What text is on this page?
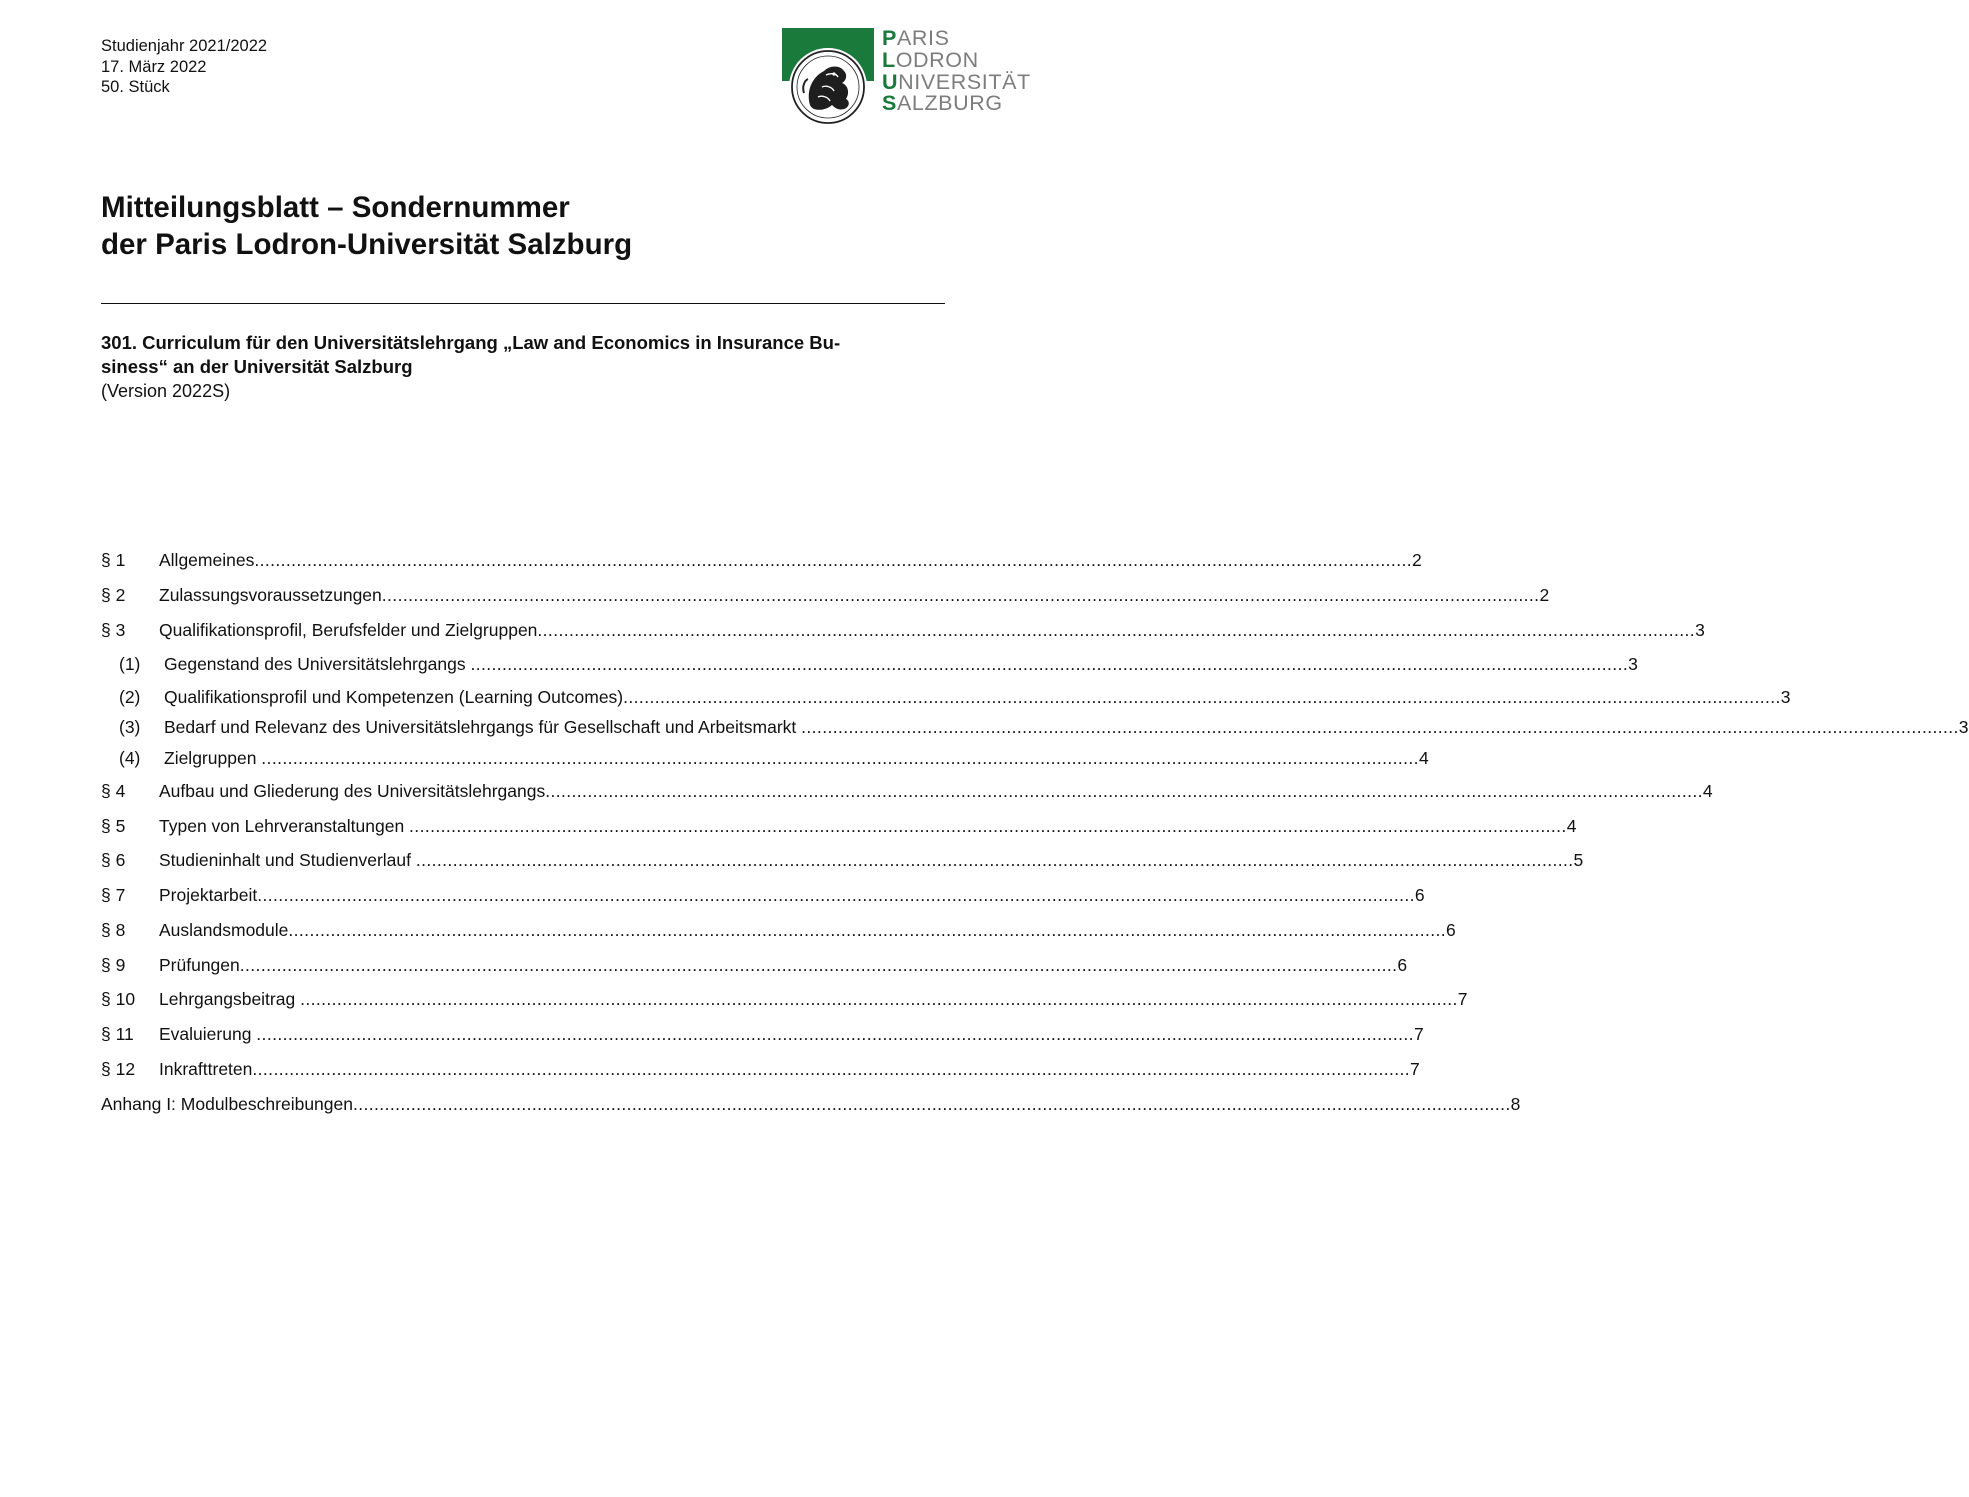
Studienjahr 2021/2022
17. März 2022
50. Stück
PARIS
LODRON
UNIVERSITÄT
SALZBURG
Mitteilungsblatt – Sondernummer
der Paris Lodron-Universität Salzburg
301. Curriculum für den Universitätslehrgang „Law and Economics in Insurance Bu-
siness“ an der Universität Salzburg
(Version 2022S)
§ 1	Allgemeines ............................................................................................................................................................................................................................ 2
§ 2	Zulassungsvoraussetzungen ............................................................................................................................................................................................................................ 2
§ 3	Qualifikationsprofil, Berufsfelder und Zielgruppen ............................................................................................................................................................................................................................ 3
(1)	Gegenstand des Universitätslehrgangs ............................................................................................................................................................................................................................ 3
(2)	Qualifikationsprofil und Kompetenzen (Learning Outcomes) ............................................................................................................................................................................................................................ 3
(3)	Bedarf und Relevanz des Universitätslehrgangs für Gesellschaft und Arbeitsmarkt ............................................................................................................................................................................................................................ 3
(4)	Zielgruppen ............................................................................................................................................................................................................................ 4
§ 4	Aufbau und Gliederung des Universitätslehrgangs ............................................................................................................................................................................................................................ 4
§ 5	Typen von Lehrveranstaltungen ............................................................................................................................................................................................................................ 4
§ 6	Studieninhalt und Studienverlauf ............................................................................................................................................................................................................................ 5
§ 7	Projektarbeit ............................................................................................................................................................................................................................ 6
§ 8	Auslandsmodule ............................................................................................................................................................................................................................ 6
§ 9	Prüfungen ............................................................................................................................................................................................................................ 6
§ 10	Lehrgangsbeitrag ............................................................................................................................................................................................................................ 7
§ 11	Evaluierung ............................................................................................................................................................................................................................ 7
§ 12	Inkrafttreten ............................................................................................................................................................................................................................ 7
Anhang I: Modulbeschreibungen ............................................................................................................................................................................................................................ 8
